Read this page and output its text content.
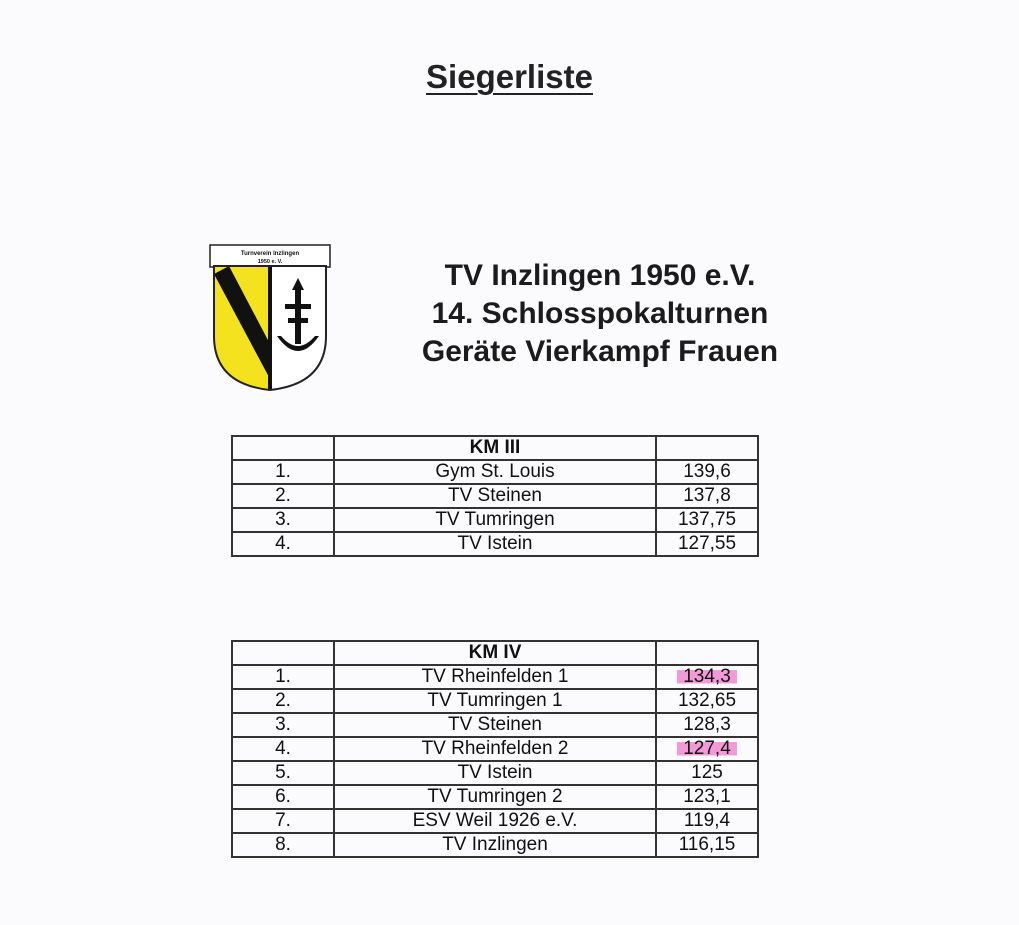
Siegerliste
Turnverein Inzlingen
1950 e. V.	TV Inzlingen 1950 e.V.
14. Schlosspokalturnen
Geräte Vierkampf Frauen
	KM III	
1.	Gym St. Louis	139,6
2.	TV Steinen	137,8
3.	TV Tumringen	137,75
4.	TV Istein	127,55
	KM IV	
1.	TV Rheinfelden 1	134,3
2.	TV Tumringen 1	132,65
3.	TV Steinen	128,3
4.	TV Rheinfelden 2	127,4
5.	TV Istein	125
6.	TV Tumringen 2	123,1
7.	ESV Weil 1926 e.V.	119,4
8.	TV Inzlingen	116,15
